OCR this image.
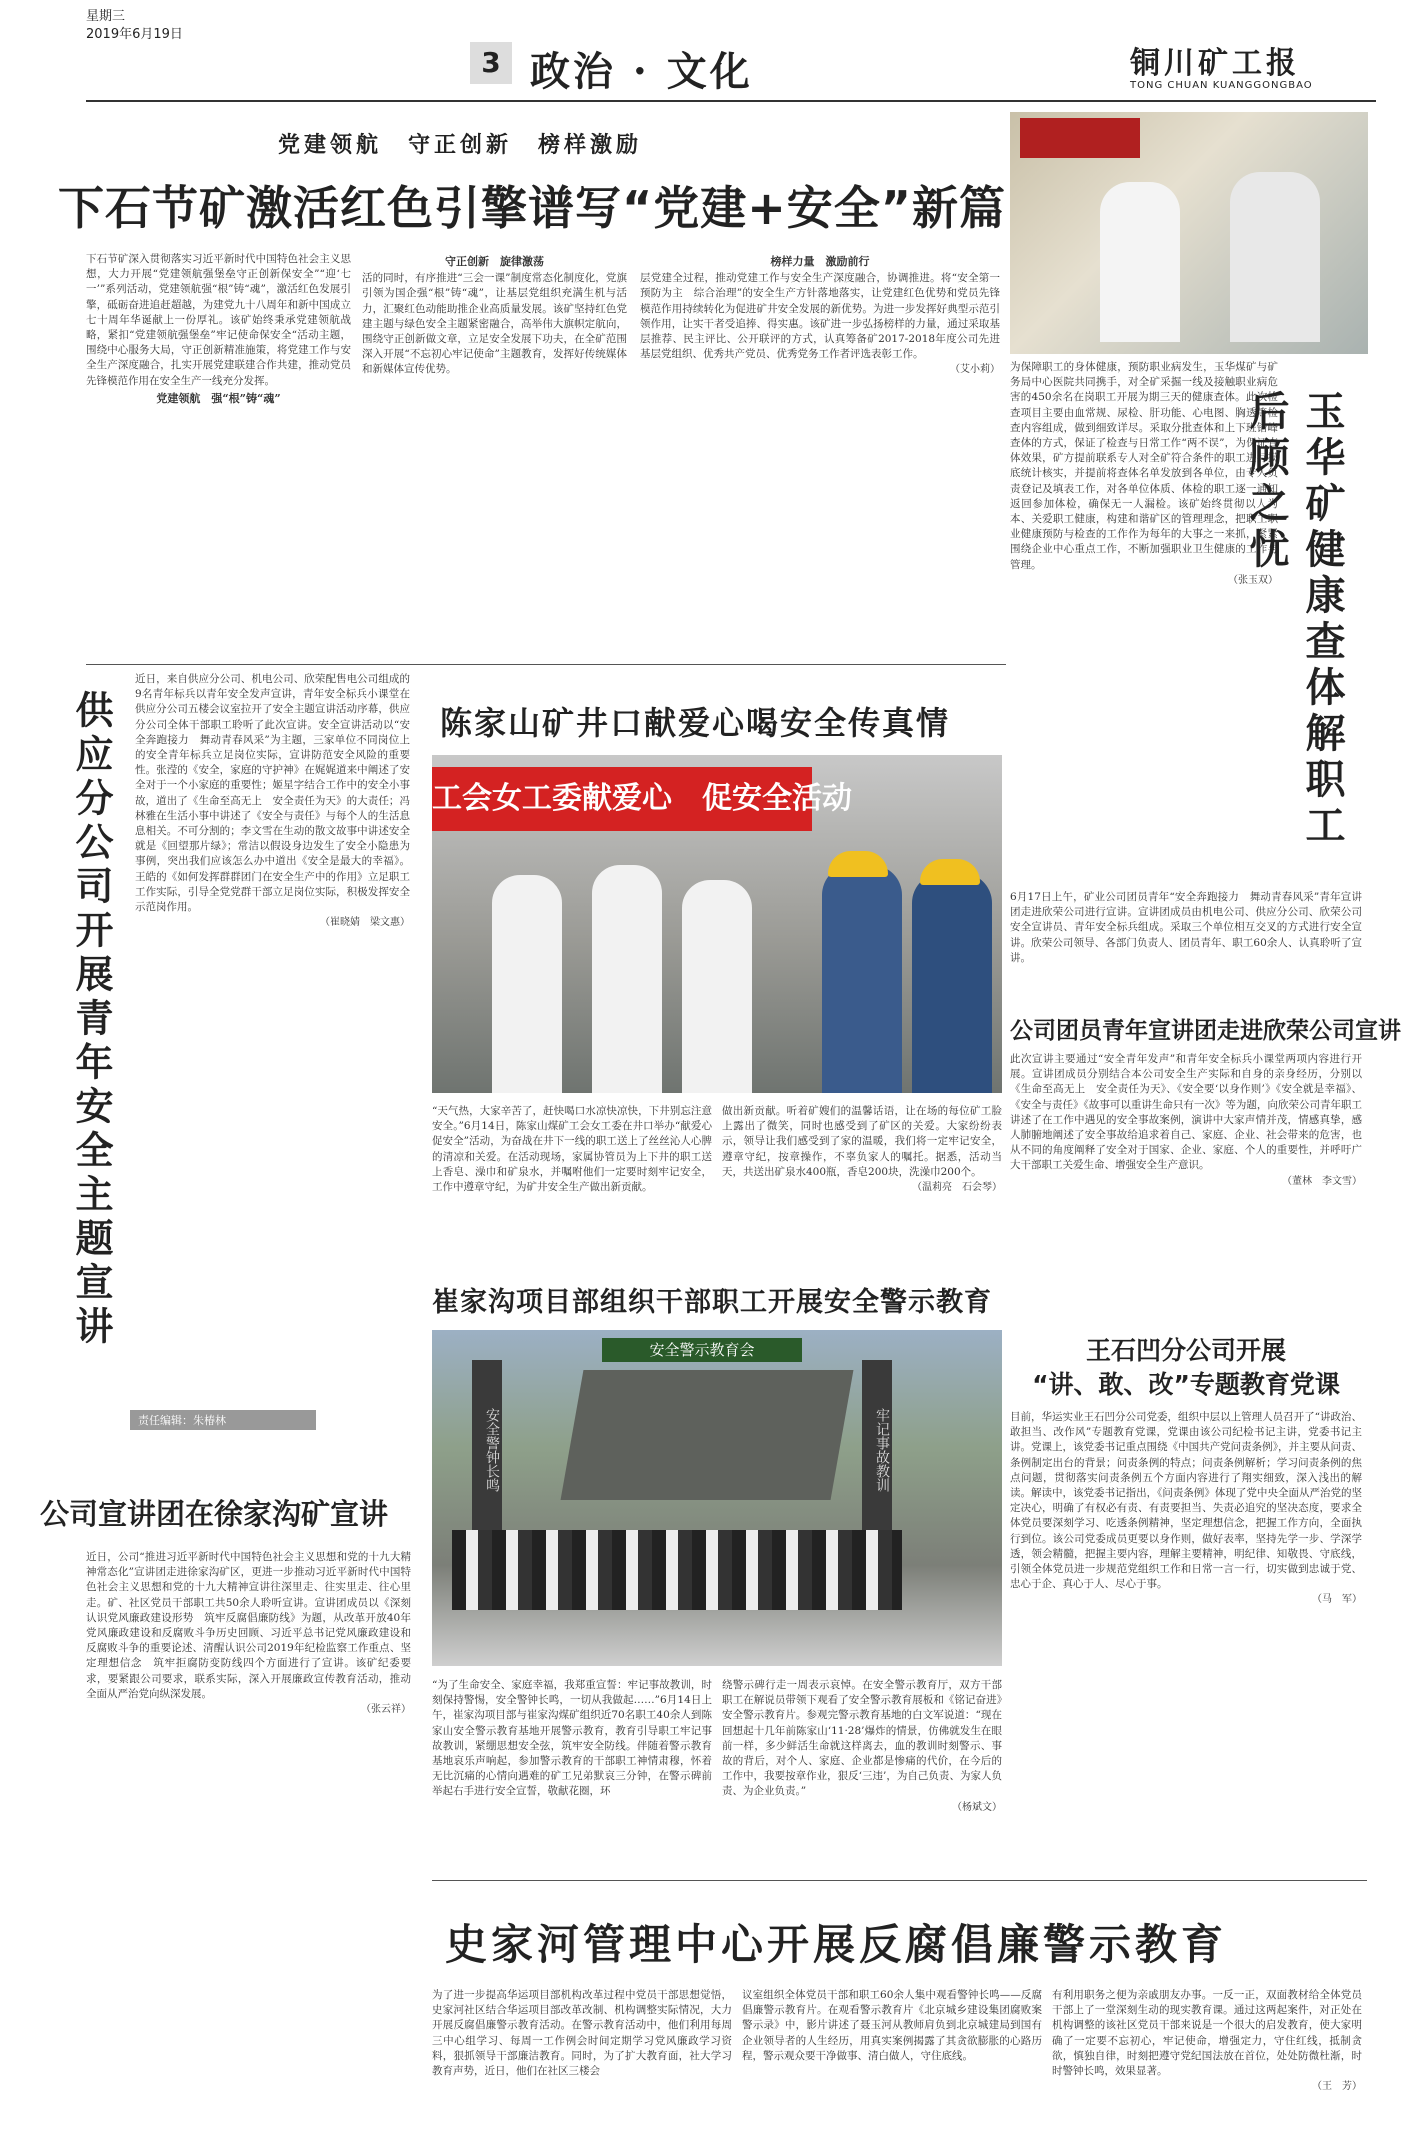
星期三
2019年6月19日
3 政治 · 文化	铜川矿工报
TONG CHUAN KUANGGONGBAO
党建领航　守正创新　榜样激励
下石节矿激活红色引擎谱写“党建+安全”新篇
下石节矿深入贯彻落实习近平新时代中国特色社会主义思想，大力开展“党建领航强堡垒守正创新保安全”“迎‘七一’”系列活动，党建领航强“根”铸“魂”，激活红色发展引擎，砥砺奋进追赶超越，为建党九十八周年和新中国成立七十周年华诞献上一份厚礼。该矿始终秉承党建领航战略，紧扣“党建领航强堡垒”牢记使命保安全“活动主题，围绕中心服务大局，守正创新精准施策，将党建工作与安全生产深度融合，扎实开展党建联建合作共建，推动党员先锋模范作用在安全生产一线充分发挥。
党建领航　强“根”铸“魂”
守正创新　旋律激荡
活的同时，有序推进“三会一课”制度常态化制度化，党旗引领为国企强“根”铸“魂”，让基层党组织充满生机与活力，汇聚红色动能助推企业高质量发展。该矿坚持红色党建主题与绿色安全主题紧密融合，高举伟大旗帜定航向，围绕守正创新做文章，立足安全发展下功夫，在全矿范围深入开展“不忘初心牢记使命”主题教育，发挥好传统媒体和新媒体宣传优势。
榜样力量　激励前行
层党建全过程，推动党建工作与安全生产深度融合，协调推进。将“安全第一　预防为主　综合治理”的安全生产方针落地落实，让党建红色优势和党员先锋模范作用持续转化为促进矿井安全发展的新优势。为进一步发挥好典型示范引领作用，让实干者受追捧、得实惠。该矿进一步弘扬榜样的力量，通过采取基层推荐、民主评比、公开联评的方式，认真筹备矿2017-2018年度公司先进基层党组织、优秀共产党员、优秀党务工作者评选表彰工作。
（艾小莉） 为保障职工的身体健康，预防职业病发生，玉华煤矿与矿务局中心医院共同携手，对全矿采掘一线及接触职业病危害的450余名在岗职工开展为期三天的健康查体。此次检查项目主要由血常规、尿检、肝功能、心电图、胸透等检查内容组成，做到细致详尽。采取分批查体和上下班错峰查体的方式，保证了检查与日常工作“两不误”，为保证查体效果，矿方提前联系专人对全矿符合条件的职工进行摸底统计核实，并提前将查体名单发放到各单位，由专人负责登记及填表工作，对各单位体质、体检的职工逐一通知返回参加体检，确保无一人漏检。该矿始终贯彻以人为本、关爱职工健康，构建和谐矿区的管理理念，把职工职业健康预防与检查的工作作为每年的大事之一来抓，紧紧围绕企业中心重点工作，不断加强职业卫生健康的工作与管理。
（张玉双） 玉华矿健康查体解职工后顾之忧
供应分公司开展青年安全主题宣讲
近日，来自供应分公司、机电公司、欣荣配售电公司组成的9名青年标兵以青年安全发声宣讲，青年安全标兵小课堂在供应分公司五楼会议室拉开了安全主题宣讲活动序幕，供应分公司全体干部职工聆听了此次宣讲。安全宣讲活动以“安全奔跑接力　舞动青春风采”为主题，三家单位不同岗位上的安全青年标兵立足岗位实际，宣讲防范安全风险的重要性。张滢的《安全，家庭的守护神》在娓娓道来中阐述了安全对于一个小家庭的重要性；姬星字结合工作中的安全小事故，道出了《生命至高无上　安全责任为天》的大责任；冯林雅在生活小事中讲述了《安全与责任》与每个人的生活息息相关。不可分割的；李文雪在生动的散文故事中讲述安全就是《回望那片绿》；常洁以假设身边发生了安全小隐患为事例，突出我们应该怎么办中道出《安全是最大的幸福》。王皓的《如何发挥群群团门在安全生产中的作用》立足职工工作实际，引导全党党群干部立足岗位实际，积极发挥安全示范岗作用。
（崔晓婧　梁文惠）
责任编辑：朱椿林
陈家山矿井口献爱心喝安全传真情
工会女工委献爱心　促安全活动
“天气热，大家辛苦了，赶快喝口水凉快凉快，下井别忘注意安全。”6月14日，陈家山煤矿工会女工委在井口举办“献爱心　促安全”活动，为奋战在井下一线的职工送上了丝丝沁人心脾的清凉和关爱。在活动现场，家属协管员为上下井的职工送上香皂、澡巾和矿泉水，并嘱咐他们一定要时刻牢记安全，工作中遵章守纪，为矿井安全生产做出新贡献。
做出新贡献。听着矿嫂们的温馨话语，让在场的每位矿工脸上露出了微笑，同时也感受到了矿区的关爱。大家纷纷表示，领导让我们感受到了家的温暖，我们将一定牢记安全，遵章守纪，按章操作，不辜负家人的嘱托。据悉，活动当天，共送出矿泉水400瓶，香皂200块，洗澡巾200个。
（温莉亮　石会琴）
崔家沟项目部组织干部职工开展安全警示教育
安全警示教育会
安全警钟长鸣	牢记事故教训
“为了生命安全、家庭幸福，我郑重宣誓：牢记事故教训，时刻保持警惕，安全警钟长鸣，一切从我做起……”6月14日上午，崔家沟项目部与崔家沟煤矿组织近70名职工40余人到陈家山安全警示教育基地开展警示教育，教育引导职工牢记事故教训，紧绷思想安全弦，筑牢安全防线。伴随着警示教育基地哀乐声响起，参加警示教育的干部职工神情肃穆，怀着无比沉痛的心情向遇难的矿工兄弟默哀三分钟，在警示碑前举起右手进行安全宣誓，敬献花圈，环
绕警示碑行走一周表示哀悼。在安全警示教育厅，双方干部职工在解说员带领下观看了安全警示教育展板和《铭记奋进》安全警示教育片。参观完警示教育基地的白文军说道：“现在回想起十几年前陈家山‘11·28’爆炸的情景，仿佛就发生在眼前一样，多少鲜活生命就这样离去，血的教训时刻警示、事故的背后，对个人、家庭、企业都是惨痛的代价，在今后的工作中，我要按章作业，狠反‘三违’，为自己负责、为家人负责、为企业负责。”
（杨斌文）
6月17日上午，矿业公司团员青年“安全奔跑接力　舞动青春风采”青年宣讲团走进欣荣公司进行宣讲。宣讲团成员由机电公司、供应分公司、欣荣公司安全宣讲员、青年安全标兵组成。采取三个单位相互交叉的方式进行安全宣讲。欣荣公司领导、各部门负责人、团员青年、职工60余人、认真聆听了宣讲。
公司团员青年宣讲团走进欣荣公司宣讲
此次宣讲主要通过“安全青年发声”和青年安全标兵小课堂两项内容进行开展。宣讲团成员分别结合本公司安全生产实际和自身的亲身经历，分别以《生命至高无上　安全责任为天》、《安全要‘以身作则’》《安全就是幸福》、《安全与责任》《故事可以重讲生命只有一次》等为题，向欣荣公司青年职工讲述了在工作中遇见的安全事故案例，演讲中大家声情并茂，情感真挚，感人肺腑地阐述了安全事故给追求着自己、家庭、企业、社会带来的危害，也从不同的角度阐释了安全对于国家、企业、家庭、个人的重要性，并呼吁广大干部职工关爱生命、增强安全生产意识。
（董林　李文雪）
王石凹分公司开展
“讲、敢、改”专题教育党课
目前，华运实业王石凹分公司党委，组织中层以上管理人员召开了“讲政治、敢担当、改作风”专题教育党课，党课由该公司纪检书记主讲，党委书记主讲。党课上，该党委书记重点围绕《中国共产党问责条例》，并主要从问责、条例制定出台的背景；问责条例的特点；问责条例解析；学习问责条例的焦点问题，贯彻落实问责条例五个方面内容进行了翔实细致，深入浅出的解读。解读中，该党委书记指出，《问责条例》体现了党中央全面从严治党的坚定决心，明确了有权必有责、有责要担当、失责必追究的坚决态度，要求全体党员要深刻学习、吃透条例精神，坚定理想信念，把握工作方向，全面执行到位。该公司党委成员更要以身作则，做好表率，坚持先学一步、学深学透，领会精髓，把握主要内容，理解主要精神，明纪律、知敬畏、守底线，引领全体党员进一步规范党组织工作和日常一言一行，切实做到忠诚于党、忠心于企、真心于人、尽心于事。
（马　军）
公司宣讲团在徐家沟矿宣讲
近日，公司“推进习近平新时代中国特色社会主义思想和党的十九大精神常态化”宣讲团走进徐家沟矿区，更进一步推动习近平新时代中国特色社会主义思想和党的十九大精神宣讲往深里走、往实里走、往心里走。矿、社区党员干部职工共50余人聆听宣讲。宣讲团成员以《深刻认识党风廉政建设形势　筑牢反腐倡廉防线》为题，从改革开放40年党风廉政建设和反腐败斗争历史回顾、习近平总书记党风廉政建设和反腐败斗争的重要论述、清醒认识公司2019年纪检监察工作重点、坚定理想信念　筑牢拒腐防变防线四个方面进行了宣讲。该矿纪委要求，要紧跟公司要求，联系实际，深入开展廉政宣传教育活动，推动全面从严治党向纵深发展。
（张云祥）
史家河管理中心开展反腐倡廉警示教育
为了进一步提高华运项目部机构改革过程中党员干部思想觉悟，史家河社区结合华运项目部改革改制、机构调整实际情况，大力开展反腐倡廉警示教育活动。在警示教育活动中，他们利用每周三中心组学习、每周一工作例会时间定期学习党风廉政学习资料，狠抓领导干部廉洁教育。同时，为了扩大教育面，社大学习教育声势，近日，他们在社区三楼会
议室组织全体党员干部和职工60余人集中观看警钟长鸣——反腐倡廉警示教育片。在观看警示教育片《北京城乡建设集团腐败案警示录》中，影片讲述了聂玉河从教师肩负到北京城建局到国有企业领导者的人生经历，用真实案例揭露了其贪欲膨胀的心路历程，警示观众要干净做事、清白做人，守住底线。
有利用职务之便为亲戚朋友办事。一反一正，双面教材给全体党员干部上了一堂深刻生动的现实教育课。通过这两起案件，对正处在机构调整的该社区党员干部来说是一个很大的启发教育，使大家明确了一定要不忘初心，牢记使命，增强定力，守住红线，抵制贪欲，慎独自律，时刻把遵守党纪国法放在首位，处处防微杜渐，时时警钟长鸣，效果显著。
（王　芳）
